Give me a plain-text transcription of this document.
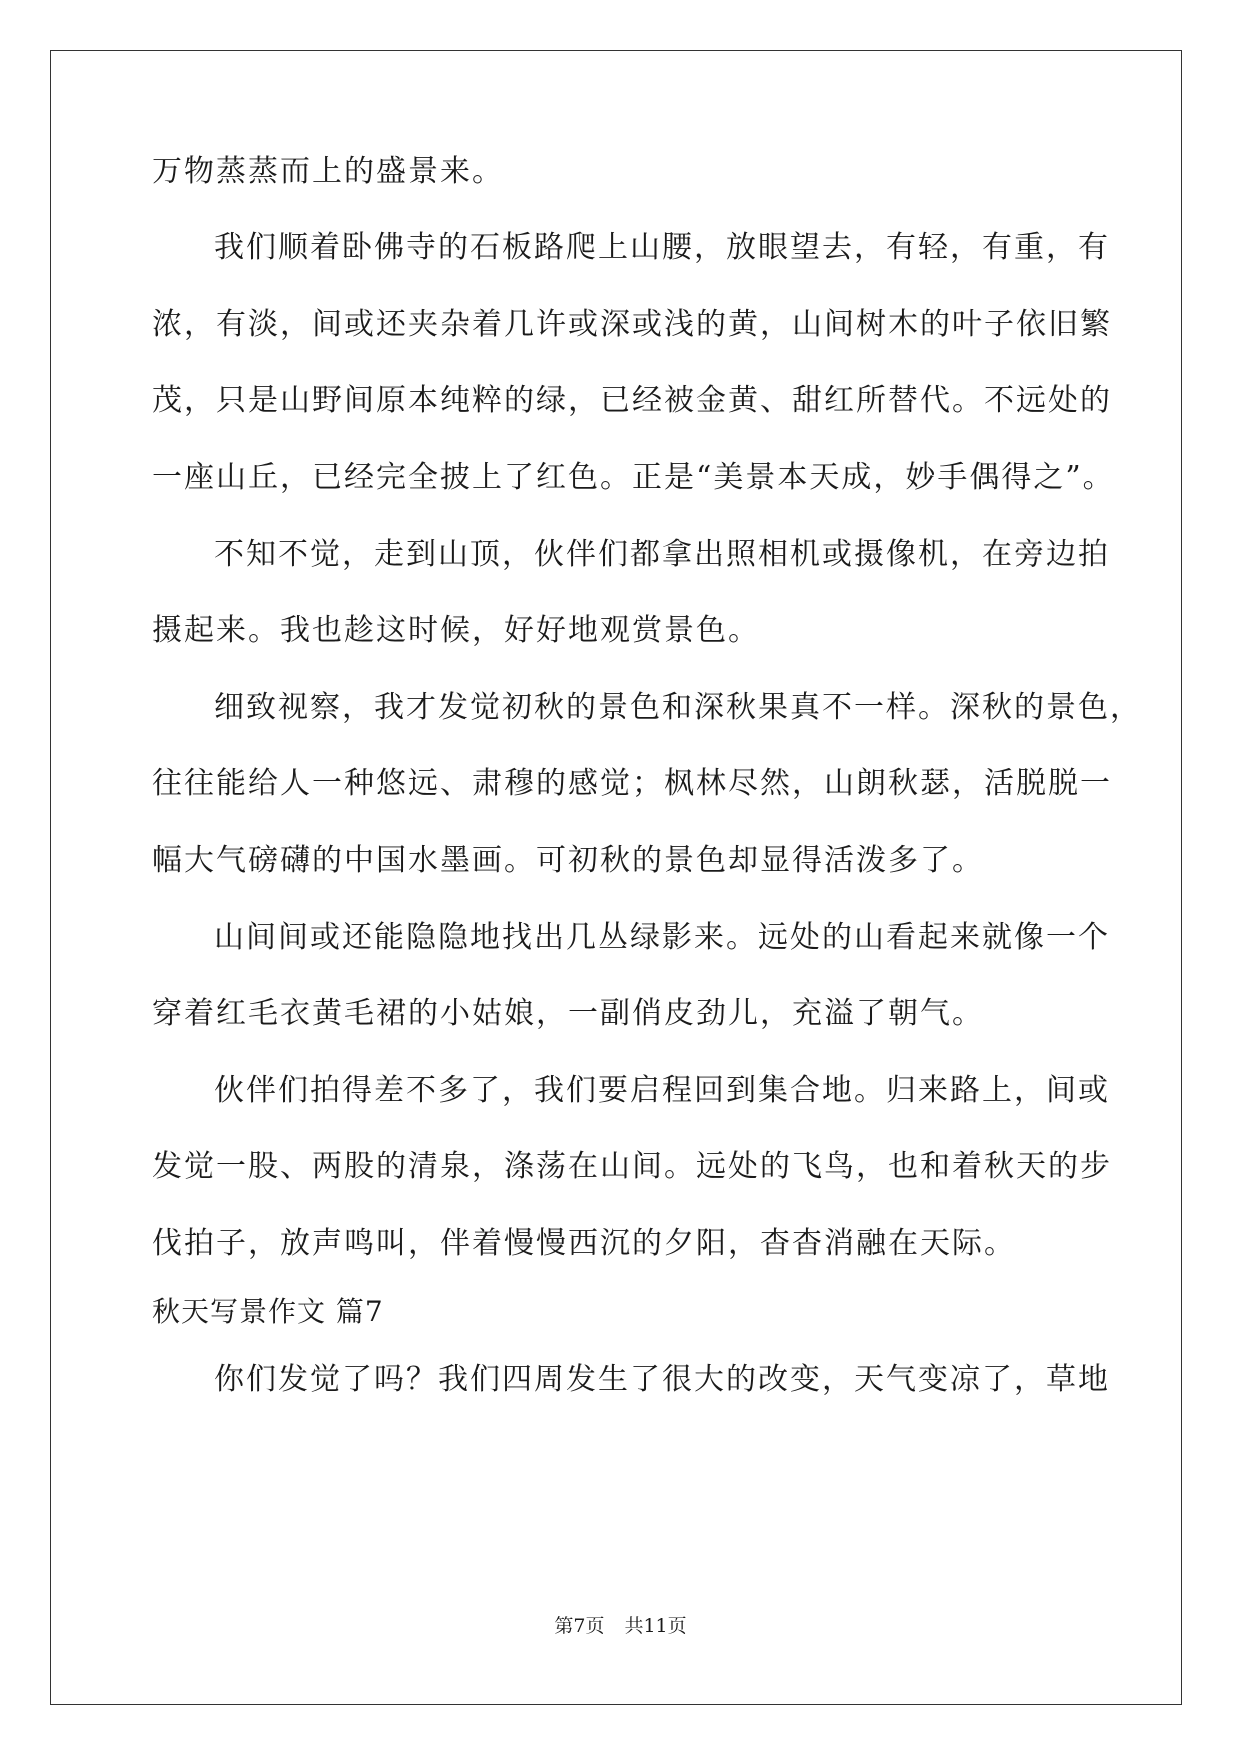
万物蒸蒸而上的盛景来。
我们顺着卧佛寺的石板路爬上山腰，放眼望去，有轻，有重，有
浓，有淡，间或还夹杂着几许或深或浅的黄，山间树木的叶子依旧繁
茂，只是山野间原本纯粹的绿，已经被金黄、甜红所替代。不远处的
一座山丘，已经完全披上了红色。正是“美景本天成，妙手偶得之”。
不知不觉，走到山顶，伙伴们都拿出照相机或摄像机，在旁边拍
摄起来。我也趁这时候，好好地观赏景色。
细致视察，我才发觉初秋的景色和深秋果真不一样。深秋的景色，
往往能给人一种悠远、肃穆的感觉；枫林尽然，山朗秋瑟，活脱脱一
幅大气磅礴的中国水墨画。可初秋的景色却显得活泼多了。
山间间或还能隐隐地找出几丛绿影来。远处的山看起来就像一个
穿着红毛衣黄毛裙的小姑娘，一副俏皮劲儿，充溢了朝气。
伙伴们拍得差不多了，我们要启程回到集合地。归来路上，间或
发觉一股、两股的清泉，涤荡在山间。远处的飞鸟，也和着秋天的步
伐拍子，放声鸣叫，伴着慢慢西沉的夕阳，杳杳消融在天际。
秋天写景作文 篇7
你们发觉了吗？我们四周发生了很大的改变，天气变凉了，草地
第7页 共11页
